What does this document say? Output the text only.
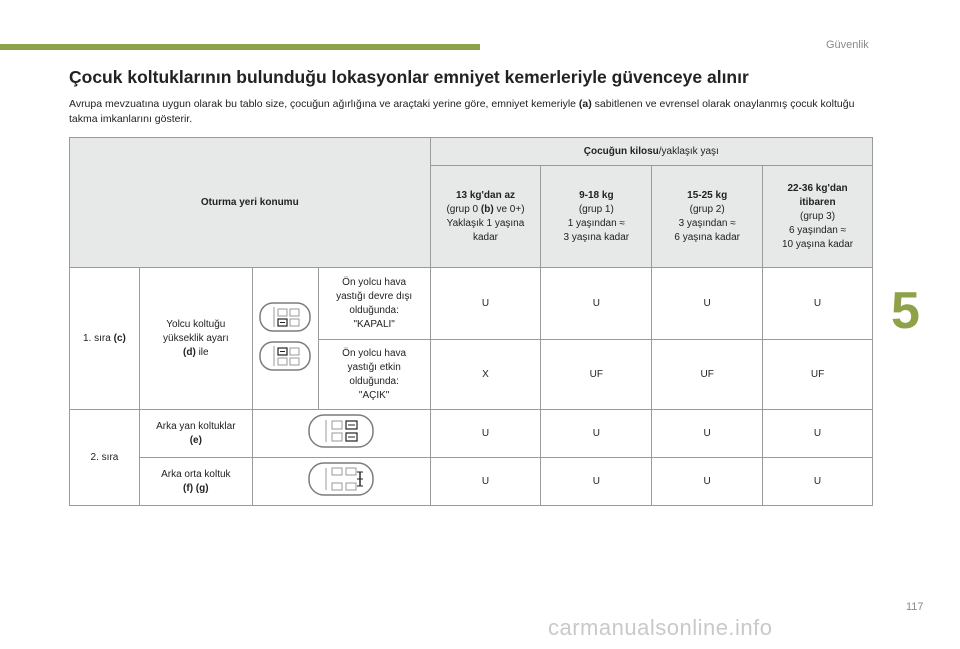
Güvenlik
5
Çocuk koltuklarının bulunduğu lokasyonlar emniyet kemerleriyle güvenceye alınır
Avrupa mevzuatına uygun olarak bu tablo size, çocuğun ağırlığına ve araçtaki yerine göre, emniyet kemeriyle (a) sabitlenen ve evrensel olarak onaylanmış çocuk koltuğu takma imkanlarını gösterir.
Oturma yeri konumu				Çocuğun kilosu/yaklaşık yaşı			
				13 kg'dan az
(grup 0 (b) ve 0+)
Yaklaşık 1 yaşına
kadar	9-18 kg
(grup 1)
1 yaşından ≈
3 yaşına kadar	15-25 kg
(grup 2)
3 yaşından ≈
6 yaşına kadar	22-36 kg'dan
itibaren
(grup 3)
6 yaşından ≈
10 yaşına kadar
1. sıra (c)	Yolcu koltuğu
yükseklik ayarı
(d) ile		Ön yolcu hava
yastığı devre dışı
olduğunda:
"KAPALI"	U	U	U	U
			Ön yolcu hava
yastığı etkin
olduğunda:
"AÇIK"	X	UF	UF	UF
2. sıra	Arka yan koltuklar
(e)			U	U	U	U
	Arka orta koltuk
(f) (g)			U	U	U	U
117
carmanualsonline.info
